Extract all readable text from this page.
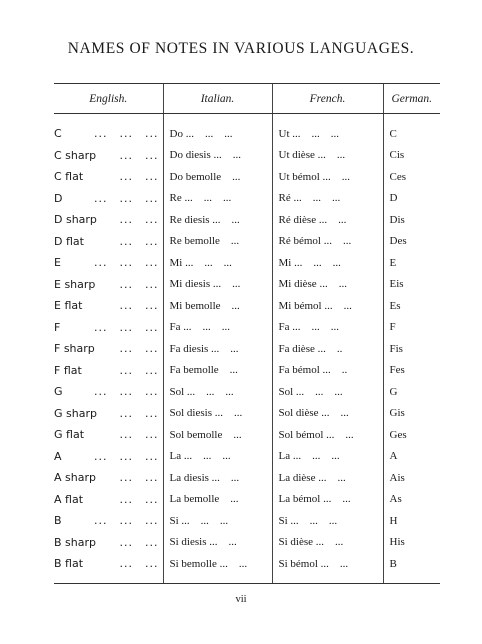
NAMES OF NOTES IN VARIOUS LANGUAGES.
English.	Italian.	French.	German.
C ... ... ...	Do ... ... ...	Ut ... ... ...	C
C sharp ... ...	Do diesis ... ...	Ut dièse ... ...	Cis
C flat ... ...	Do bemolle ...	Ut bémol ... ...	Ces
D ... ... ...	Re ... ... ...	Ré ... ... ...	D
D sharp ... ...	Re diesis ... ...	Ré dièse ... ...	Dis
D flat ... ...	Re bemolle ...	Ré bémol ... ...	Des
E ... ... ...	Mi ... ... ...	Mi ... ... ...	E
E sharp ... ...	Mi diesis ... ...	Mi dièse ... ...	Eis
E flat ... ...	Mi bemolle ...	Mi bémol ... ...	Es
F ... ... ...	Fa ... ... ...	Fa ... ... ...	F
F sharp ... ...	Fa diesis ... ...	Fa dièse ... ..	Fis
F flat ... ...	Fa bemolle ...	Fa bémol ... ..	Fes
G ... ... ...	Sol ... ... ...	Sol ... ... ...	G
G sharp ... ...	Sol diesis ... ...	Sol dièse ... ...	Gis
G flat ... ...	Sol bemolle ...	Sol bémol ... ...	Ges
A ... ... ...	La ... ... ...	La ... ... ...	A
A sharp ... ...	La diesis ... ...	La dièse ... ...	Ais
A flat ... ...	La bemolle ...	La bémol ... ...	As
B ... ... ...	Si ... ... ...	Si ... ... ...	H
B sharp ... ...	Si diesis ... ...	Si dièse ... ...	His
B flat ... ...	Si bemolle ... ...	Si bémol ... ...	B
vii
